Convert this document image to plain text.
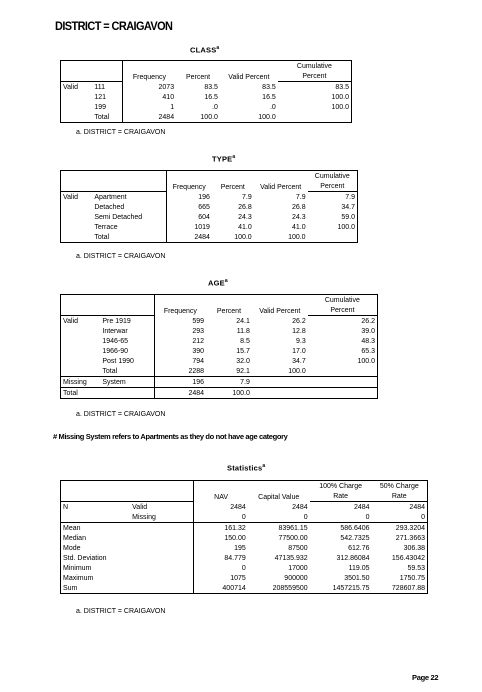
DISTRICT = CRAIGAVON
CLASS$^a$
		Frequency	Percent	Valid Percent	Cumulative
					Percent
Valid	111	2073	83.5	83.5	83.5
	121	410	16.5	16.5	100.0
	199	1	.0	.0	100.0
	Total	2484	100.0	100.0	
a. DISTRICT = CRAIGAVON
TYPE$^a$
		Frequency	Percent	Valid Percent	Cumulative
					Percent
Valid	Apartment	196	7.9	7.9	7.9
	Detached	665	26.8	26.8	34.7
	Semi Detached	604	24.3	24.3	59.0
	Terrace	1019	41.0	41.0	100.0
	Total	2484	100.0	100.0	
a. DISTRICT = CRAIGAVON
AGE$^a$
		Frequency	Percent	Valid Percent	Cumulative
					Percent
Valid	Pre 1919	599	24.1	26.2	26.2
	Interwar	293	11.8	12.8	39.0
	1946-65	212	8.5	9.3	48.3
	1966-90	390	15.7	17.0	65.3
	Post 1990	794	32.0	34.7	100.0
	Total	2288	92.1	100.0	
Missing	System	196	7.9		
Total		2484	100.0		
a. DISTRICT = CRAIGAVON
# Missing System refers to Apartments as they do not have age category
Statistics$^a$
		NAV	Capital Value	100% Charge	50% Charge
				Rate	Rate
N	Valid	2484	2484	2484	2484
	Missing	0	0	0	0
Mean		161.32	83961.15	586.6406	293.3204
Median		150.00	77500.00	542.7325	271.3663
Mode		195	87500	612.76	306.38
Std. Deviation		84.779	47135.932	312.86084	156.43042
Minimum		0	17000	119.05	59.53
Maximum		1075	900000	3501.50	1750.75
Sum		400714	208559500	1457215.75	728607.88
a. DISTRICT = CRAIGAVON
Page 22
